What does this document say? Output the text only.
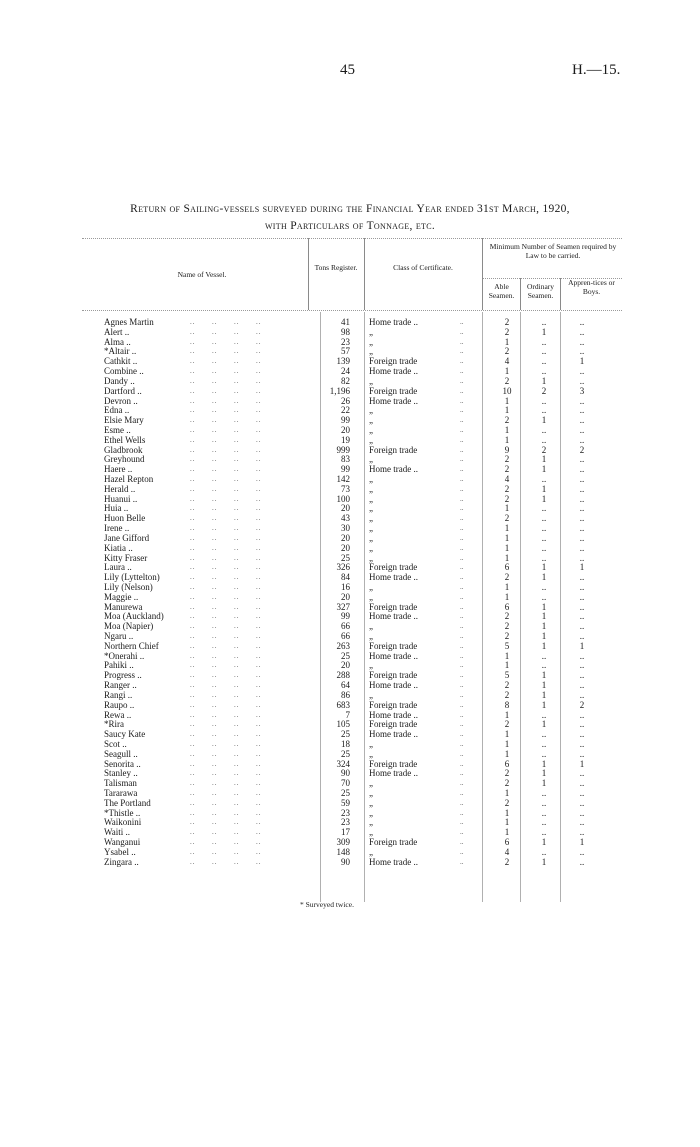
45	H.—15.
Return of Sailing-vessels surveyed during the Financial Year ended 31st March, 1920,
with Particulars of Tonnage, etc.
Name of Vessel.
Tons Register.	Class of Certificate.
Minimum Number of Seamen required by Law to be carried.
Able Seamen.
Ordinary Seamen.
Appren-tices or Boys.
Agnes Martin	..      ..      ..      ..	41 Home trade ..	..	2	..	..
Alert ..	..      ..      ..      ..	98 „	..	2	1	..
Alma ..	..      ..      ..      ..	23 „	..	1	..	..
*Altair ..	..      ..      ..      ..	57 „	..	2	..	..
Cathkit ..	..      ..      ..      ..	139 Foreign trade	..	4	..	1
Combine ..	..      ..      ..      ..	24 Home trade ..	..	1	..	..
Dandy ..	..      ..      ..      ..	82 „	..	2	1	..
Dartford ..	..      ..      ..      ..	1,196 Foreign trade	..	10	2	3
Devron ..	..      ..      ..      ..	26 Home trade ..	..	1	..	..
Edna ..	..      ..      ..      ..	22 „	..	1	..	..
Elsie Mary	..      ..      ..      ..	99 „	..	2	1	..
Esme ..	..      ..      ..      ..	20 „	..	1	..	..
Ethel Wells	..      ..      ..      ..	19 „	..	1	..	..
Gladbrook	..      ..      ..      ..	999 Foreign trade	..	9	2	2
Greyhound	..      ..      ..      ..	83 „	..	2	1	..
Haere ..	..      ..      ..      ..	99 Home trade ..	..	2	1	..
Hazel Repton	..      ..      ..      ..	142 „	..	4	..	..
Herald ..	..      ..      ..      ..	73 „	..	2	1	..
Huanui ..	..      ..      ..      ..	100 „	..	2	1	..
Huia ..	..      ..      ..      ..	20 „	..	1	..	..
Huon Belle	..      ..      ..      ..	43 „	..	2	..	..
Irene ..	..      ..      ..      ..	30 „	..	1	..	..
Jane Gifford	..      ..      ..      ..	20 „	..	1	..	..
Kiatia ..	..      ..      ..      ..	20 „	..	1	..	..
Kitty Fraser	..      ..      ..      ..	25 „	..	1	..	..
Laura ..	..      ..      ..      ..	326 Foreign trade	..	6	1	1
Lily (Lyttelton)	..      ..      ..      ..	84 Home trade ..	..	2	1	..
Lily (Nelson)	..      ..      ..      ..	16 „	..	1	..	..
Maggie ..	..      ..      ..      ..	20 „	..	1	..	..
Manurewa	..      ..      ..      ..	327 Foreign trade	..	6	1	..
Moa (Auckland)	..      ..      ..      ..	99 Home trade ..	..	2	1	..
Moa (Napier)	..      ..      ..      ..	66 „	..	2	1	..
Ngaru ..	..      ..      ..      ..	66 „	..	2	1	..
Northern Chief	..      ..      ..      ..	263 Foreign trade	..	5	1	1
*Onerahi ..	..      ..      ..      ..	25 Home trade ..	..	1	..	..
Pahiki ..	..      ..      ..      ..	20 „	..	1	..	..
Progress ..	..      ..      ..      ..	288 Foreign trade	..	5	1	..
Ranger ..	..      ..      ..      ..	64 Home trade ..	..	2	1	..
Rangi ..	..      ..      ..      ..	86 „	..	2	1	..
Raupo ..	..      ..      ..      ..	683 Foreign trade	..	8	1	2
Rewa ..	..      ..      ..      ..	7 Home trade ..	..	1	..	..
*Rira	..      ..      ..      ..	105 Foreign trade	..	2	1	..
Saucy Kate	..      ..      ..      ..	25 Home trade ..	..	1	..	..
Scot ..	..      ..      ..      ..	18 „	..	1	..	..
Seagull ..	..      ..      ..      ..	25 „	..	1	..	..
Senorita ..	..      ..      ..      ..	324 Foreign trade	..	6	1	1
Stanley ..	..      ..      ..      ..	90 Home trade ..	..	2	1	..
Talisman	..      ..      ..      ..	70 „	..	2	1	..
Tararawa	..      ..      ..      ..	25 „	..	1	..	..
The Portland	..      ..      ..      ..	59 „	..	2	..	..
*Thistle ..	..      ..      ..      ..	23 „	..	1	..	..
Waikonini	..      ..      ..      ..	23 „	..	1	..	..
Waiti ..	..      ..      ..      ..	17 „	..	1	..	..
Wanganui	..      ..      ..      ..	309 Foreign trade	..	6	1	1
Ysabel ..	..      ..      ..      ..	148 „	..	4	..	..
Zingara ..	..      ..      ..      ..	90 Home trade ..	..	2	1	..
* Surveyed twice.
